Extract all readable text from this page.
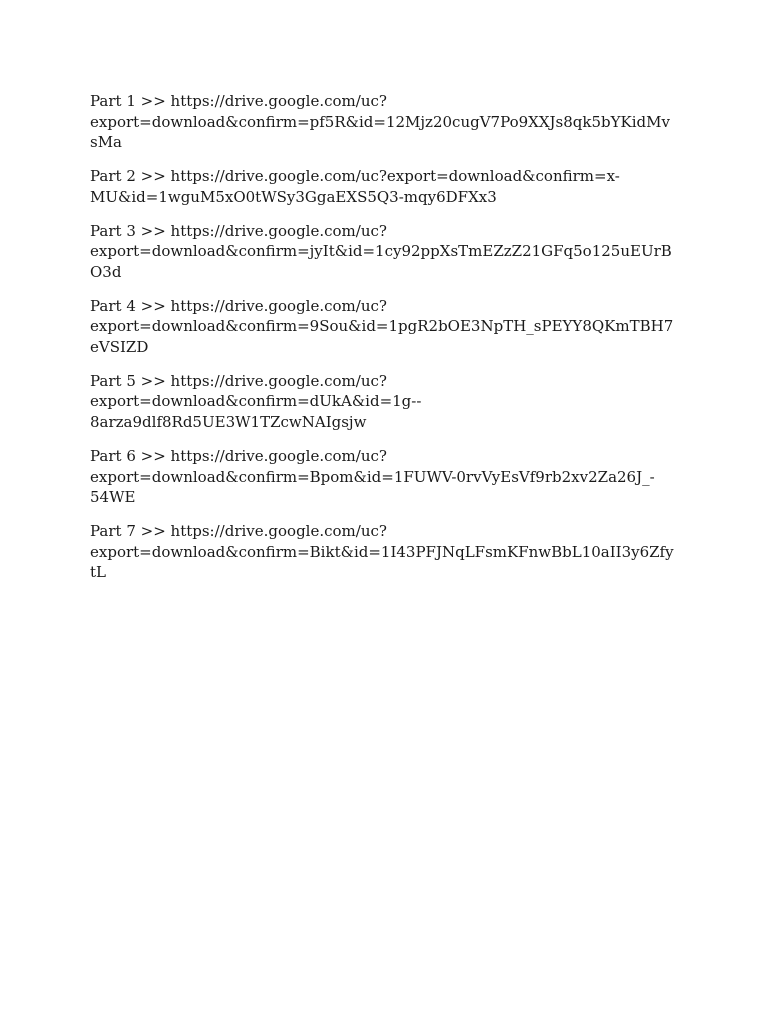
Part 1 >> https://drive.google.com/uc?
export=download&confirm=pf5R&id=12Mjz20cugV7Po9XXJs8qk5bYKidMv
sMa

Part 2 >> https://drive.google.com/uc?export=download&confirm=x-
MU&id=1wguM5xO0tWSy3GgaEXS5Q3-mqy6DFXx3

Part 3 >> https://drive.google.com/uc?
export=download&confirm=jyIt&id=1cy92ppXsTmEZzZ21GFq5o125uEUrB
O3d

Part 4 >> https://drive.google.com/uc?
export=download&confirm=9Sou&id=1pgR2bOE3NpTH_sPEYY8QKmTBH7
eVSIZD

Part 5 >> https://drive.google.com/uc?
export=download&confirm=dUkA&id=1g--
8arza9dlf8Rd5UE3W1TZcwNAIgsjw

Part 6 >> https://drive.google.com/uc?
export=download&confirm=Bpom&id=1FUWV-0rvVyEsVf9rb2xv2Za26J_-
54WE

Part 7 >> https://drive.google.com/uc?
export=download&confirm=Bikt&id=1I43PFJNqLFsmKFnwBbL10aII3y6Zfy
tL
